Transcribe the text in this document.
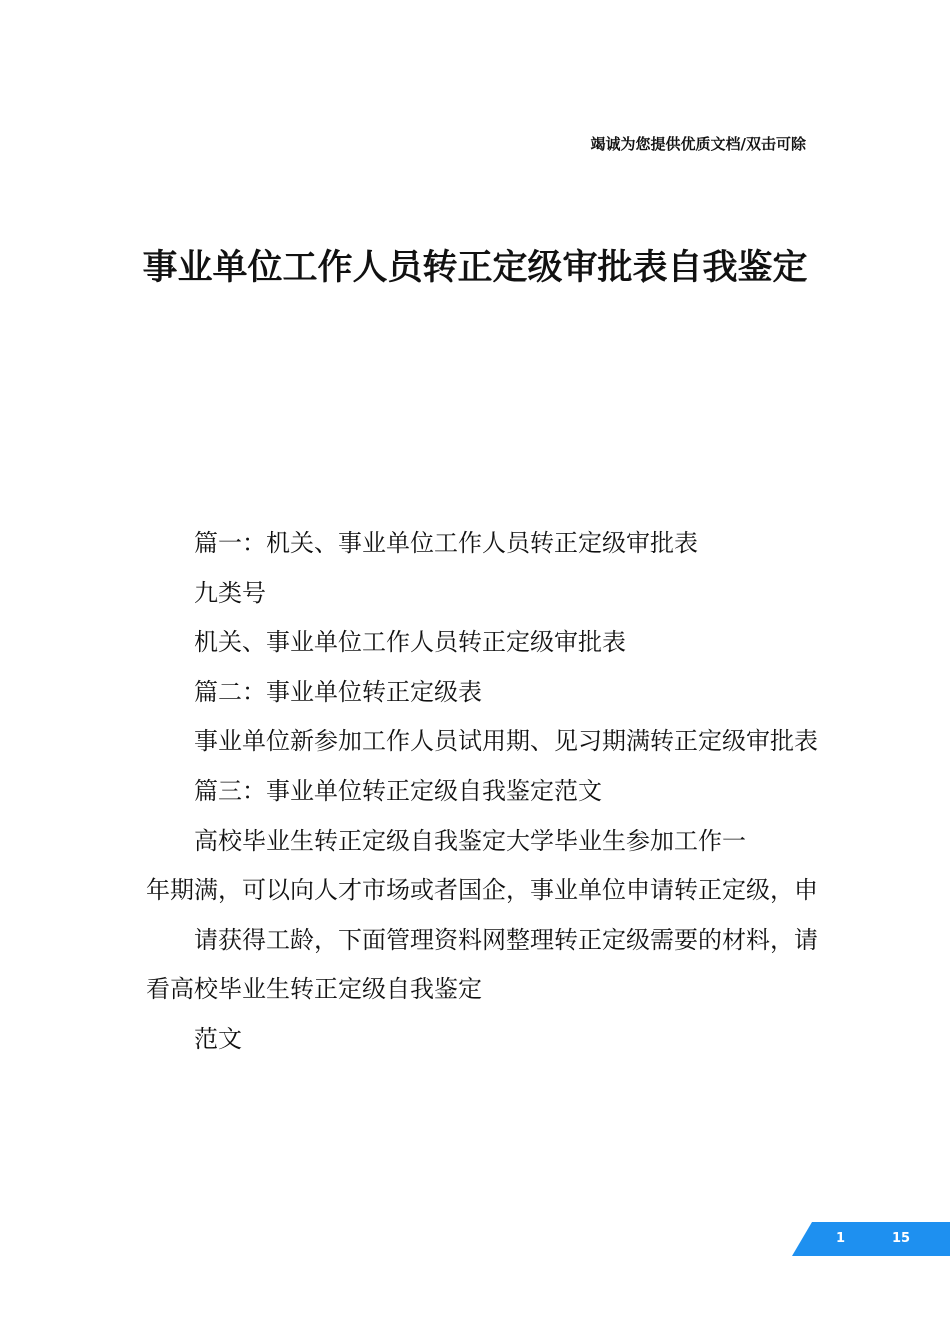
竭诚为您提供优质文档/双击可除
事业单位工作人员转正定级审批表自我鉴定

篇一：机关、事业单位工作人员转正定级审批表

九类号

机关、事业单位工作人员转正定级审批表

篇二：事业单位转正定级表

事业单位新参加工作人员试用期、见习期满转正定级审批表

篇三：事业单位转正定级自我鉴定范文

高校毕业生转正定级自我鉴定大学毕业生参加工作一

年期满，可以向人才市场或者国企，事业单位申请转正定级，申

请获得工龄，下面管理资料网整理转正定级需要的材料，请看高校毕业生转正定级自我鉴定

范文

1	15
